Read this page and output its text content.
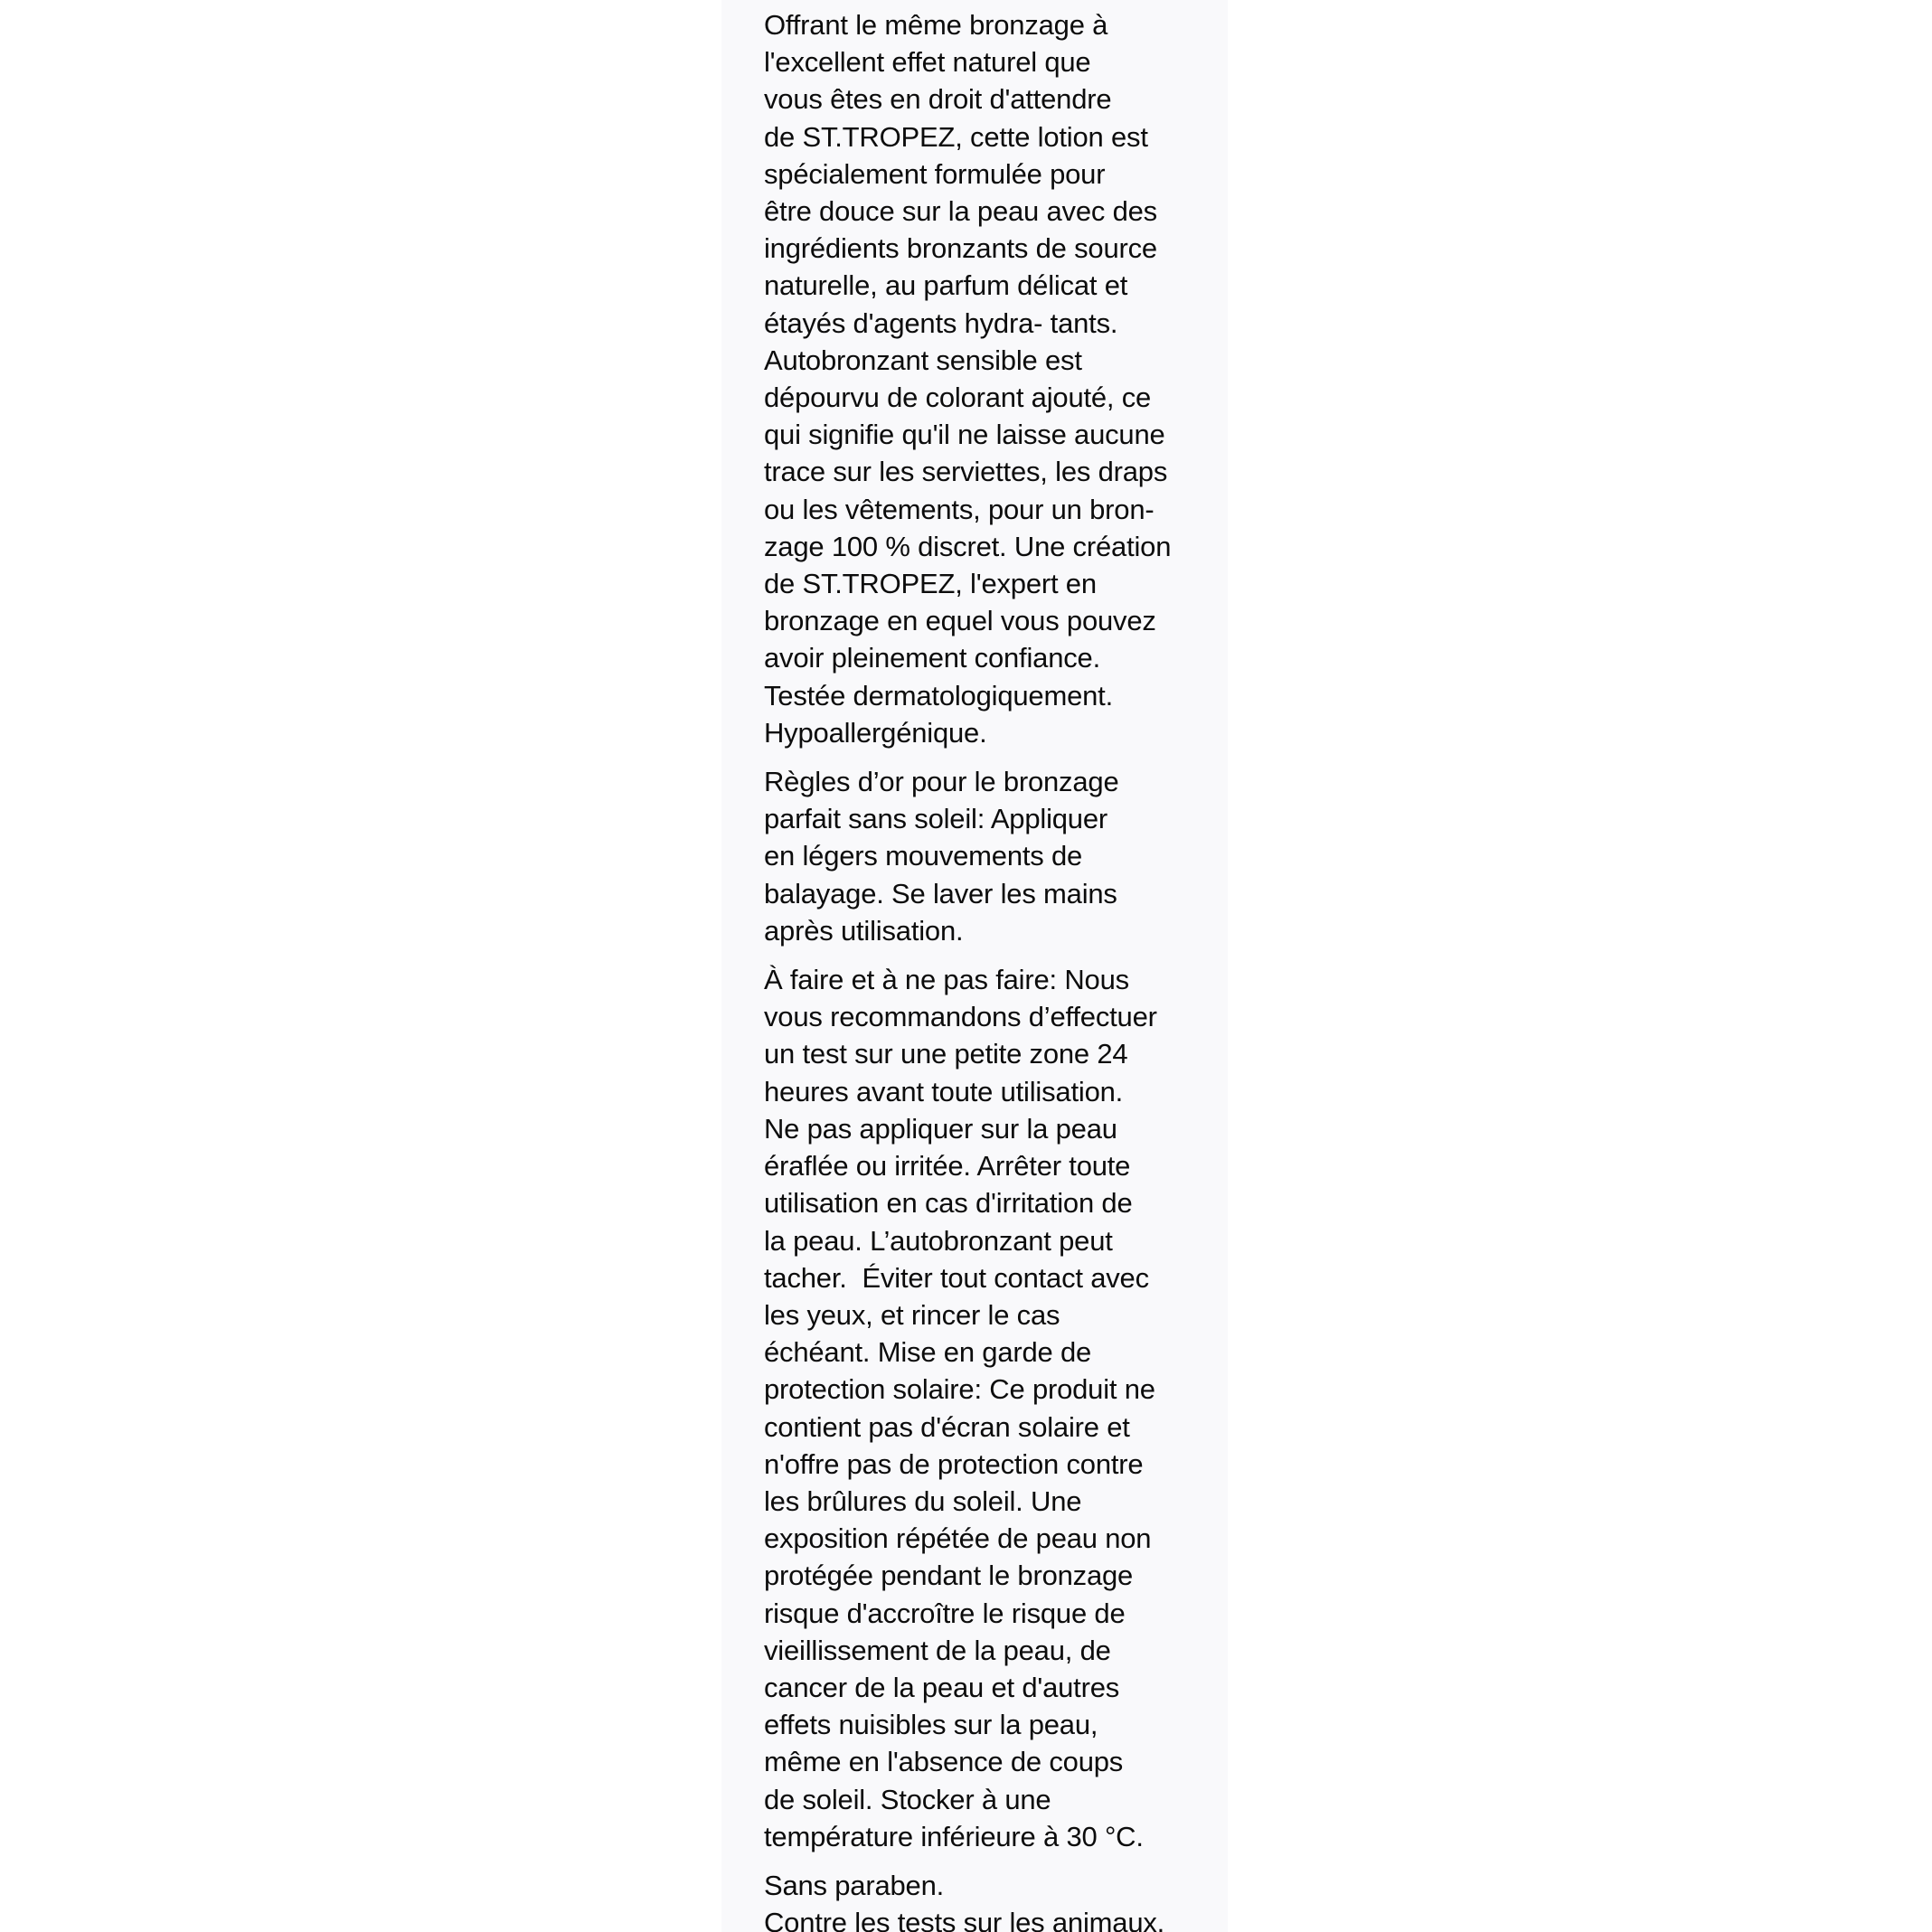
Offrant le même bronzage à
l'excellent effet naturel que
vous êtes en droit d'attendre
de ST.TROPEZ, cette lotion est
spécialement formulée pour
être douce sur la peau avec des
ingrédients bronzants de source
naturelle, au parfum délicat et
étayés d'agents hydra- tants.
Autobronzant sensible est
dépourvu de colorant ajouté, ce
qui signifie qu'il ne laisse aucune
trace sur les serviettes, les draps
ou les vêtements, pour un bron-
zage 100 % discret. Une création
de ST.TROPEZ, l'expert en
bronzage en equel vous pouvez
avoir pleinement confiance.
Testée dermatologiquement.
Hypoallergénique.
Règles d’or pour le bronzage
parfait sans soleil: Appliquer
en légers mouvements de
balayage. Se laver les mains
après utilisation.
À faire et à ne pas faire: Nous
vous recommandons d’effectuer
un test sur une petite zone 24
heures avant toute utilisation.
Ne pas appliquer sur la peau
éraflée ou irritée. Arrêter toute
utilisation en cas d'irritation de
la peau. L’autobronzant peut
tacher.  Éviter tout contact avec
les yeux, et rincer le cas
échéant. Mise en garde de
protection solaire: Ce produit ne
contient pas d'écran solaire et
n'offre pas de protection contre
les brûlures du soleil. Une
exposition répétée de peau non
protégée pendant le bronzage
risque d'accroître le risque de
vieillissement de la peau, de
cancer de la peau et d'autres
effets nuisibles sur la peau,
même en l'absence de coups
de soleil. Stocker à une
température inférieure à 30 °C.
Sans paraben.
Contre les tests sur les animaux.
